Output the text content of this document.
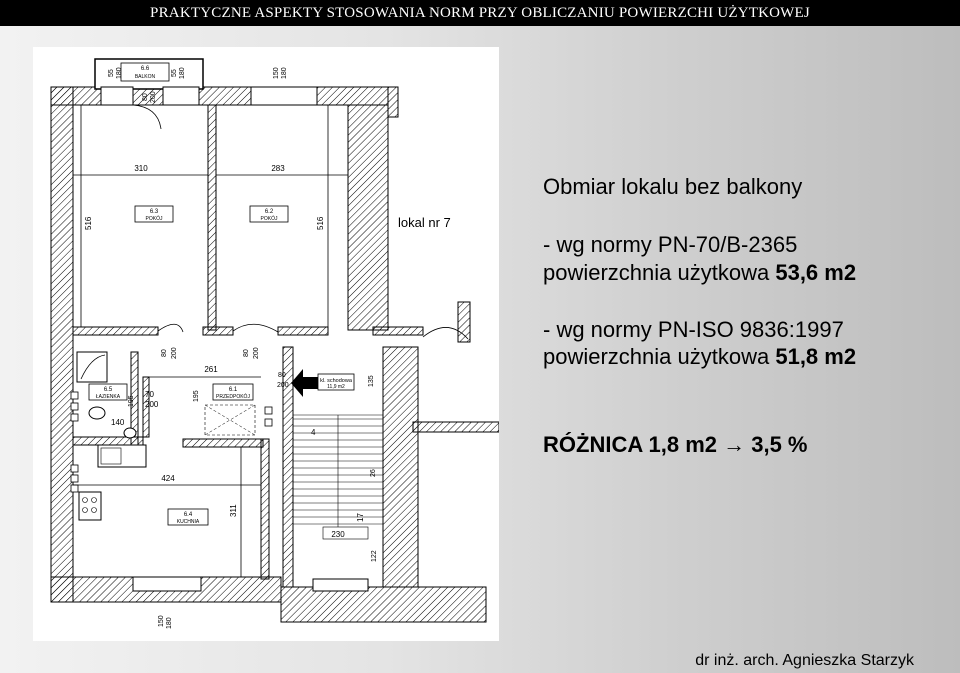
PRAKTYCZNE ASPEKTY STOSOWANIA NORM PRZY OBLICZANIU POWIERZCHI UŻYTKOWEJ
6.6
BALKON
55 180	55 180	150 180
80 200
310	283
516	516
6.3
POKÓJ
6.2
POKÓJ	lokal nr 7
80 200	80 200
6.5
ŁAZIENKA
140
195
6.1
PRZEDPOKÓJ
261
70
200
195
80
200
424
6.4
KUCHNIA
311
150 180
kl. schodowa
11,9 m2	135
4
26
17
230
122
Obmiar lokalu bez balkony
- wg normy PN-70/B-2365
powierzchnia użytkowa 53,6 m2
- wg normy PN-ISO 9836:1997
powierzchnia użytkowa 51,8 m2
RÓŻNICA 1,8 m2 → 3,5 %
dr inż. arch. Agnieszka Starzyk
